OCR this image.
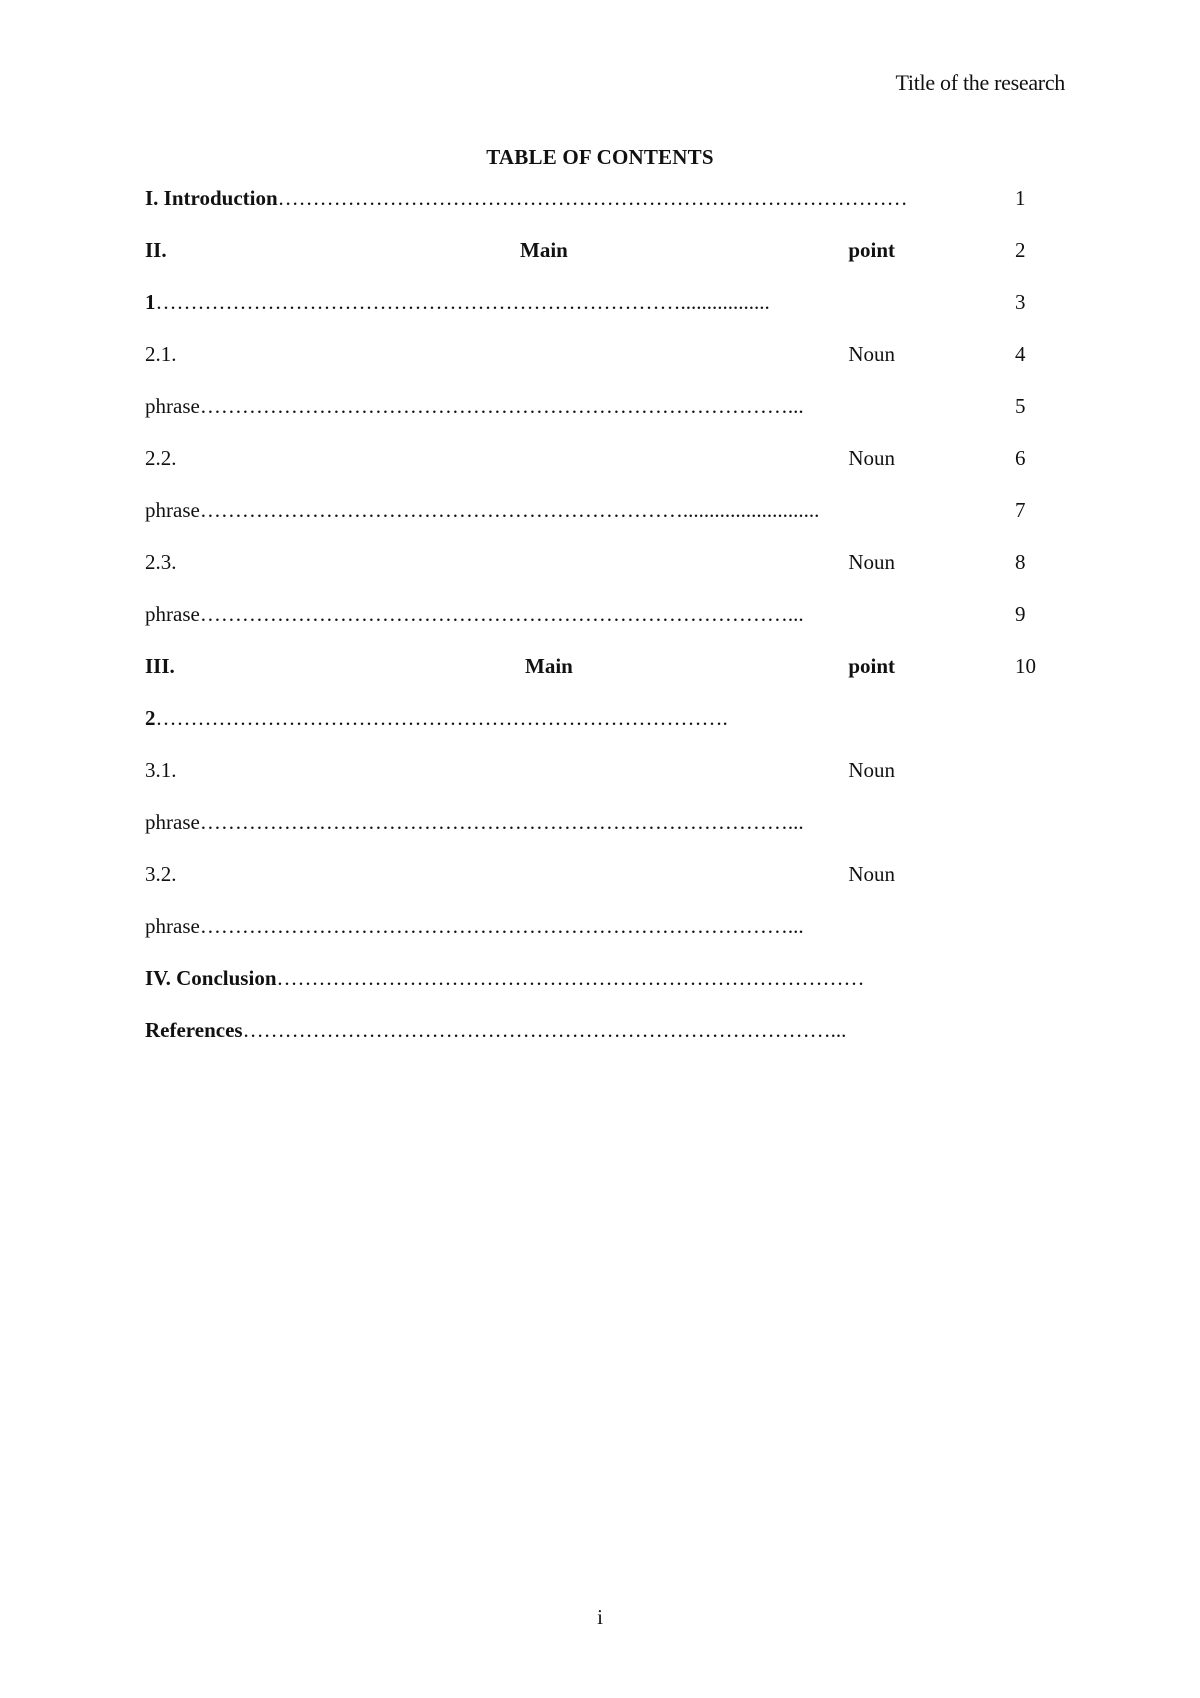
Title of the research
TABLE OF CONTENTS
I. Introduction………………………………………………………………………………	1
II.	Main	point	2
1………………………………………………………………….................	3
2.1.	Noun	4
phrase…………………………………………………………………………...	5
2.2.	Noun	6
phrase……………………………………………………………..........................	7
2.3.	Noun	8
phrase…………………………………………………………………………...	9
III.	Main	point	10
2……………………………………………………………………….
3.1.	Noun
phrase…………………………………………………………………………...
3.2.	Noun
phrase…………………………………………………………………………...
IV. Conclusion…………………………………………………………………………
References…………………………………………………………………………...
i
